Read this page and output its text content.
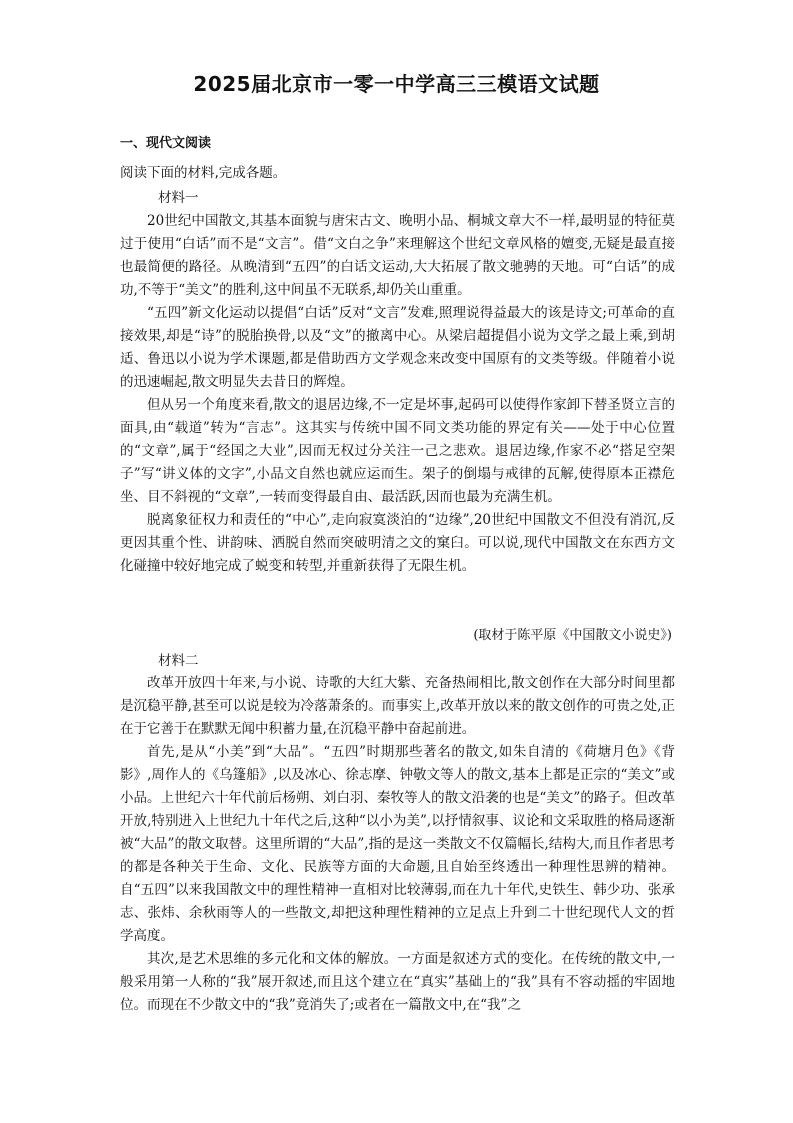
2025届北京市一零一中学高三三模语文试题
一、现代文阅读
阅读下面的材料,完成各题。
材料一

20世纪中国散文,其基本面貌与唐宋古文、晚明小品、桐城文章大不一样,最明显的特征莫过于使用“白话”而不是“文言”。借“文白之争”来理解这个世纪文章风格的嬗变,无疑是最直接也最简便的路径。从晚清到“五四”的白话文运动,大大拓展了散文驰骋的天地。可“白话”的成功,不等于“美文”的胜利,这中间虽不无联系,却仍关山重重。

“五四”新文化运动以提倡“白话”反对“文言”发难,照理说得益最大的该是诗文;可革命的直接效果,却是“诗”的脱胎换骨,以及“文”的撤离中心。从梁启超提倡小说为文学之最上乘,到胡适、鲁迅以小说为学术课题,都是借助西方文学观念来改变中国原有的文类等级。伴随着小说的迅速崛起,散文明显失去昔日的辉煌。

但从另一个角度来看,散文的退居边缘,不一定是坏事,起码可以使得作家卸下替圣贤立言的面具,由“载道”转为“言志”。这其实与传统中国不同文类功能的界定有关——处于中心位置的“文章”,属于“经国之大业”,因而无权过分关注一己之悲欢。退居边缘,作家不必“搭足空架子”写“讲义体的文字”,小品文自然也就应运而生。架子的倒塌与戒律的瓦解,使得原本正襟危坐、目不斜视的“文章”,一转而变得最自由、最活跃,因而也最为充满生机。

脱离象征权力和责任的“中心”,走向寂寞淡泊的“边缘”,20世纪中国散文不但没有消沉,反更因其重个性、讲韵味、洒脱自然而突破明清之文的窠臼。可以说,现代中国散文在东西方文化碰撞中较好地完成了蜕变和转型,并重新获得了无限生机。

(取材于陈平原《中国散文小说史》)
材料二

改革开放四十年来,与小说、诗歌的大红大紫、充备热闹相比,散文创作在大部分时间里都是沉稳平静,甚至可以说是较为冷落萧条的。而事实上,改革开放以来的散文创作的可贵之处,正在于它善于在默默无闻中积蓄力量,在沉稳平静中奋起前进。

首先,是从“小美”到“大品”。“五四”时期那些著名的散文,如朱自清的《荷塘月色》《背影》,周作人的《乌篷船》,以及冰心、徐志摩、钟敬文等人的散文,基本上都是正宗的“美文”或小品。上世纪六十年代前后杨朔、刘白羽、秦牧等人的散文沿袭的也是“美文”的路子。但改革开放,特别进入上世纪九十年代之后,这种“以小为美”,以抒情叙事、议论和文采取胜的格局逐渐被“大品”的散文取替。这里所谓的“大品”,指的是这一类散文不仅篇幅长,结构大,而且作者思考的都是各种关于生命、文化、民族等方面的大命题,且自始至终透出一种理性思辨的精神。自“五四”以来我国散文中的理性精神一直相对比较薄弱,而在九十年代,史铁生、韩少功、张承志、张炜、余秋雨等人的一些散文,却把这种理性精神的立足点上升到二十世纪现代人文的哲学高度。

其次,是艺术思维的多元化和文体的解放。一方面是叙述方式的变化。在传统的散文中,一般采用第一人称的“我”展开叙述,而且这个建立在“真实”基础上的“我”具有不容动摇的牢固地位。而现在不少散文中的“我”竟消失了;或者在一篇散文中,在“我”之
